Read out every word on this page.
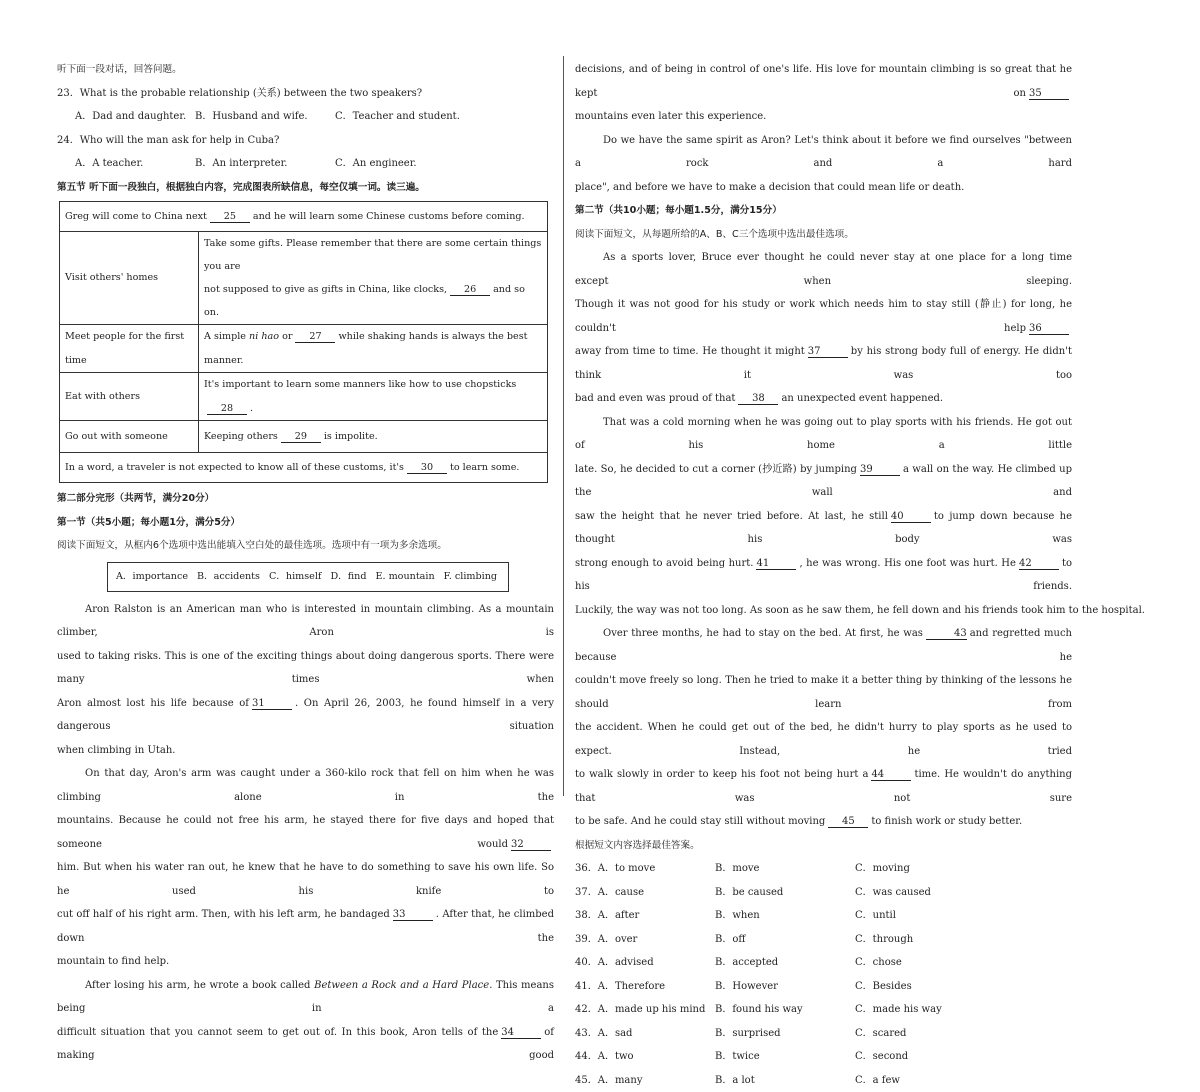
听下面一段对话，回答问题。
23．What is the probable relationship (关系) between the two speakers?
A．Dad and daughter. B．Husband and wife.	C．Teacher and student.
24．Who will the man ask for help in Cuba?
A．A teacher.	B．An interpreter.	C．An engineer.
第五节 听下面一段独白，根据独白内容，完成图表所缺信息，每空仅填一词。读三遍。
Greg will come to China next 25 and he will learn some Chinese customs before coming.	
Visit others' homes	Take some gifts. Please remember that there are some certain things you are
not supposed to give as gifts in China, like clocks, 26 and so on.

Meet people for the first time	A simple ni hao or 27 while shaking hands is always the best manner.
Eat with others	It's important to learn some manners like how to use chopsticks28 .
Go out with someone	Keeping others 29 is impolite.
In a word, a traveler is not expected to know all of these customs, it's 30 to learn some.	
第二部分完形（共两节，满分20分）
第一节（共5小题；每小题1分，满分5分）
阅读下面短文，从框内6个选项中选出能填入空白处的最佳选项。选项中有一项为多余选项。
A．importance B．accidents C．himself D．find E. mountain F. climbing
Aron Ralston is an American man who is interested in mountain climbing. As a mountain climber, Aron is
used to taking risks. This is one of the exciting things about doing dangerous sports. There were many times when
Aron almost lost his life because of 31	. On April 26, 2003, he found himself in a very dangerous situation
when climbing in Utah.
On that day, Aron's arm was caught under a 360-kilo rock that fell on him when he was climbing alone in the
mountains. Because he could not free his arm, he stayed there for five days and hoped that someone would 32
him. But when his water ran out, he knew that he have to do something to save his own life. So he used his knife to
cut off half of his right arm. Then, with his left arm, he bandaged 33	. After that, he climbed down the
mountain to find help.
After losing his arm, he wrote a book called Between a Rock and a Hard Place. This means being in a
difficult situation that you cannot seem to get out of. In this book, Aron tells of the 34	of making good
decisions, and of being in control of one's life. His love for mountain climbing is so great that he kept on 35
mountains even later this experience.
Do we have the same spirit as Aron? Let's think about it before we find ourselves "between a rock and a hard
place", and before we have to make a decision that could mean life or death.
第二节（共10小题；每小题1.5分，满分15分）
阅读下面短文，从每题所给的A、B、C三个选项中选出最佳选项。
As a sports lover, Bruce ever thought he could never stay at one place for a long time except when sleeping.
Though it was not good for his study or work which needs him to stay still (静止) for long, he couldn't help 36
away from time to time. He thought it might 37	by his strong body full of energy. He didn't think it was too
bad and even was proud of that 38 an unexpected event happened.
That was a cold morning when he was going out to play sports with his friends. He got out of his home a little
late. So, he decided to cut a corner (抄近路) by jumping 39	a wall on the way. He climbed up the wall and
saw the height that he never tried before. At last, he still 40	to jump down because he thought his body was
strong enough to avoid being hurt. 41	, he was wrong. His one foot was hurt. He 42	to his friends.
Luckily, the way was not too long. As soon as he saw them, he fell down and his friends took him to the hospital.
Over three months, he had to stay on the bed. At first, he was	43 and regretted much because he
couldn't move freely so long. Then he tried to make it a better thing by thinking of the lessons he should learn from
the accident. When he could get out of the bed, he didn't hurry to play sports as he used to expect. Instead, he tried
to walk slowly in order to keep his foot not being hurt a 44	time. He wouldn't do anything that was not sure
to be safe. And he could stay still without moving 45 to finish work or study better.
根据短文内容选择最佳答案。
36．A．to move	B．move	C．moving
37．A．cause	B．be caused	C．was caused
38．A．after	B．when	C．until
39．A．over	B．off	C．through
40．A．advised	B．accepted	C．chose
41．A．Therefore	B．However	C．Besides
42．A．made up his mind B．found his way	C．made his way
43．A．sad	B．surprised	C．scared
44．A．two	B．twice	C．second
45．A．many	B．a lot	C．a few
